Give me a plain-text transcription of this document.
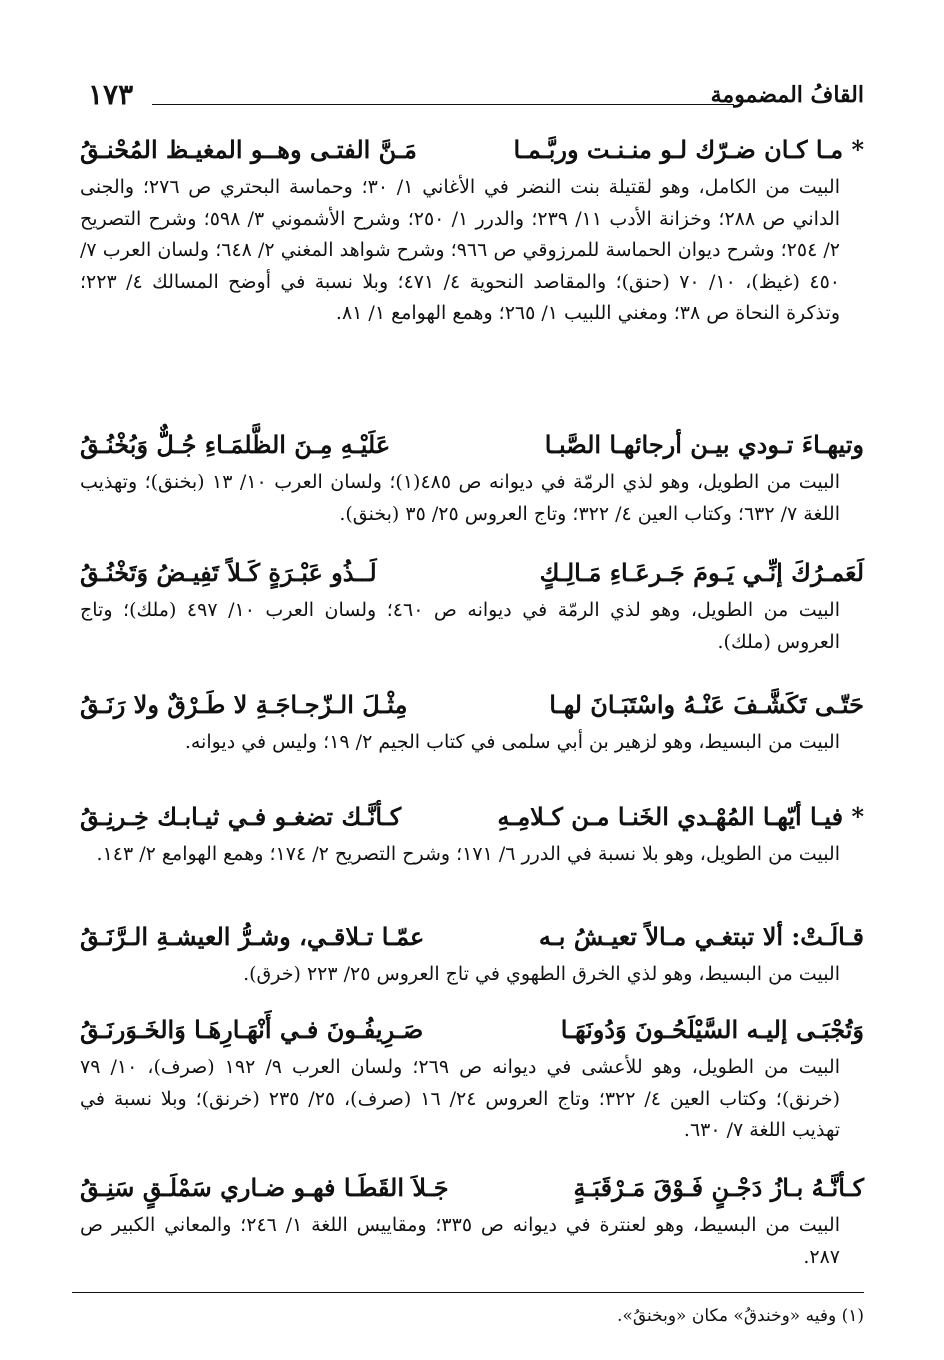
القافُ المضمومة
١٧٣
* مـا كـان ضـرّك لـو منـنـت وربَّـمـا
مَـنَّ الفتـى وهــو المغيـظ المُحْنـقُ

البيت من الكامل، وهو لقتيلة بنت النضر في الأغاني ١/ ٣٠؛ وحماسة البحتري ص ٢٧٦؛ والجنى الداني ص ٢٨٨؛ وخزانة الأدب ١١/ ٢٣٩؛ والدرر ١/ ٢٥٠؛ وشرح الأشموني ٣/ ٥٩٨؛ وشرح التصريح ٢/ ٢٥٤؛ وشرح ديوان الحماسة للمرزوقي ص ٩٦٦؛ وشرح شواهد المغني ٢/ ٦٤٨؛ ولسان العرب ٧/ ٤٥٠ (غيظ)، ١٠/ ٧٠ (حنق)؛ والمقاصد النحوية ٤/ ٤٧١؛ وبلا نسبة في أوضح المسالك ٤/ ٢٢٣؛ وتذكرة النحاة ص ٣٨؛ ومغني اللبيب ١/ ٢٦٥؛ وهمع الهوامع ١/ ٨١.

وتيهـاءَ تـودي بيـن أرجائهـا الصَّبـا
عَلَيْـهِ مِـنَ الظَّلمَـاءِ جُـلٌّ وَبُخْنُـقُ

البيت من الطويل، وهو لذي الرمّة في ديوانه ص ٤٨٥(١)؛ ولسان العرب ١٠/ ١٣ (بخنق)؛ وتهذيب اللغة ٧/ ٦٣٢؛ وكتاب العين ٤/ ٣٢٢؛ وتاج العروس ٢٥/ ٣٥ (بخنق).

لَعَمـرُكَ إنِّـي يَـومَ جَـرعَـاءِ مَـالِـكٍ
لَــذُو عَبْـرَةٍ كَـلاً تَفِيـضُ وَتَخْنُـقُ

البيت من الطويل، وهو لذي الرمّة في ديوانه ص ٤٦٠؛ ولسان العرب ١٠/ ٤٩٧ (ملك)؛ وتاج العروس (ملك).

حَتّـى تَكَشَّـفَ عَنْـهُ واسْتَبَـانَ لهـا
مِثْـلَ الـزّجـاجَـةِ لا طَـرْقٌ ولا رَنَـقُ

البيت من البسيط، وهو لزهير بن أبي سلمى في كتاب الجيم ٢/ ١٩؛ وليس في ديوانه.

* فيـا أيّهـا المُهْـدي الخَنـا مـن كـلامِـهِ
كـأنَّـك تضغـو فـي ثيـابـك خِـرنِـقُ

البيت من الطويل، وهو بلا نسبة في الدرر ٦/ ١٧١؛ وشرح التصريح ٢/ ١٧٤؛ وهمع الهوامع ٢/ ١٤٣.

قـالَـتْ: ألا تبتغـي مـالاً تعيـشُ بـه
عمّـا تـلاقـي، وشـرُّ العيشـةِ الـرَّنَـقُ

البيت من البسيط، وهو لذي الخرق الطهوي في تاج العروس ٢٥/ ٢٢٣ (خرق).

وَتُجْبَـى إليـه السَّيْلَحُـونَ وَدُونَهَـا
صَـرِيفُـونَ فـي أَنْهَـارِهَـا وَالخَـوَرنَـقُ

البيت من الطويل، وهو للأعشى في ديوانه ص ٢٦٩؛ ولسان العرب ٩/ ١٩٢ (صرف)، ١٠/ ٧٩ (خرنق)؛ وكتاب العين ٤/ ٣٢٢؛ وتاج العروس ٢٤/ ١٦ (صرف)، ٢٥/ ٢٣٥ (خرنق)؛ وبلا نسبة في تهذيب اللغة ٧/ ٦٣٠.

كـأنَّـهُ بـازُ دَجْـنٍ فَـوْقَ مَـرْقَبَـةٍ
جَـلاَ القَطَـا فهـو ضـاري سَمْلَـقٍ سَنِـقُ

البيت من البسيط، وهو لعنترة في ديوانه ص ٣٣٥؛ ومقاييس اللغة ١/ ٢٤٦؛ والمعاني الكبير ص ٢٨٧.

(١) وفيه «وخندقُ» مكان «وبخنقُ».
